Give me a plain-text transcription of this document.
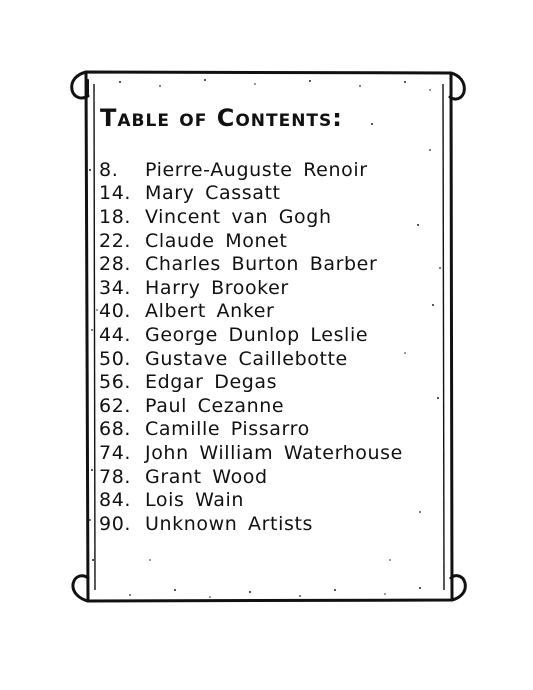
Table of Contents:
8.	Pierre-Auguste Renoir
14. Mary Cassatt
18. Vincent van Gogh
22. Claude Monet
28. Charles Burton Barber
34. Harry Brooker
40. Albert Anker
44. George Dunlop Leslie
50. Gustave Caillebotte
56. Edgar Degas
62. Paul Cezanne
68. Camille Pissarro
74. John William Waterhouse
78. Grant Wood
84. Lois Wain
90. Unknown Artists
